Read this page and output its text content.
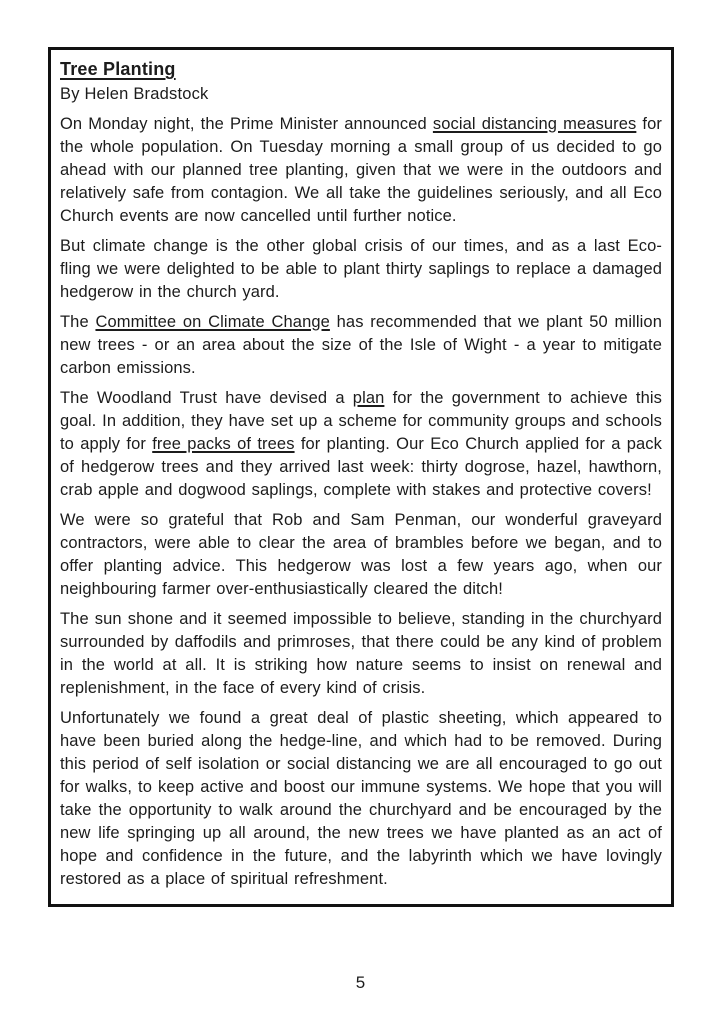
Tree Planting
By Helen Bradstock

On Monday night, the Prime Minister announced social distancing measures for the whole population. On Tuesday morning a small group of us decided to go ahead with our planned tree planting, given that we were in the outdoors and relatively safe from contagion. We all take the guidelines seriously, and all Eco Church events are now cancelled until further notice.

But climate change is the other global crisis of our times, and as a last Eco-fling we were delighted to be able to plant thirty saplings to replace a damaged hedgerow in the church yard.

The Committee on Climate Change has recommended that we plant 50 million new trees - or an area about the size of the Isle of Wight - a year to mitigate carbon emissions.

The Woodland Trust have devised a plan for the government to achieve this goal. In addition, they have set up a scheme for community groups and schools to apply for free packs of trees for planting. Our Eco Church applied for a pack of hedgerow trees and they arrived last week: thirty dogrose, hazel, hawthorn, crab apple and dogwood saplings, complete with stakes and protective covers!

We were so grateful that Rob and Sam Penman, our wonderful graveyard contractors, were able to clear the area of brambles before we began, and to offer planting advice. This hedgerow was lost a few years ago, when our neighbouring farmer over-enthusiastically cleared the ditch!

The sun shone and it seemed impossible to believe, standing in the churchyard surrounded by daffodils and primroses, that there could be any kind of problem in the world at all. It is striking how nature seems to insist on renewal and replenishment, in the face of every kind of crisis.

Unfortunately we found a great deal of plastic sheeting, which appeared to have been buried along the hedge-line, and which had to be removed. During this period of self isolation or social distancing we are all encouraged to go out for walks, to keep active and boost our immune systems. We hope that you will take the opportunity to walk around the churchyard and be encouraged by the new life springing up all around, the new trees we have planted as an act of hope and confidence in the future, and the labyrinth which we have lovingly restored as a place of spiritual refreshment.

5
